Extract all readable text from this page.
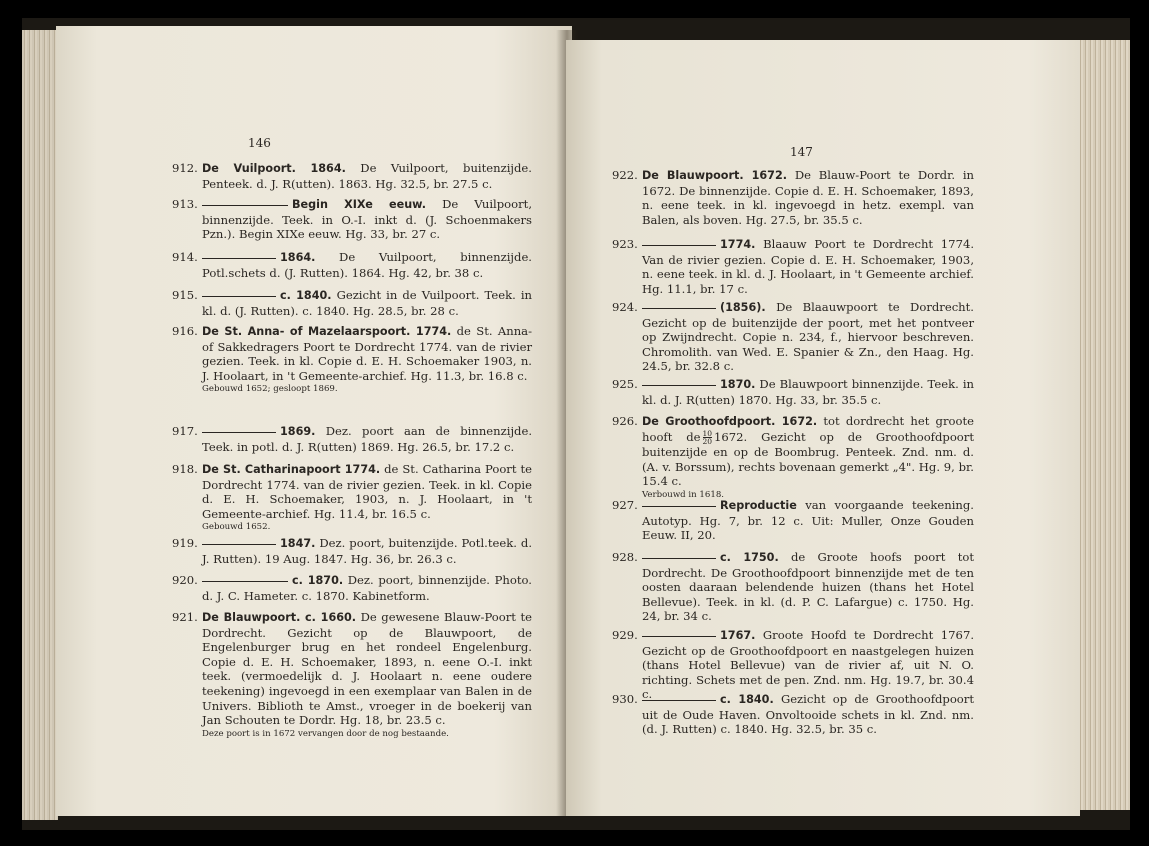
146
912. De Vuilpoort. 1864. De Vuilpoort, buitenzijde. Penteek. d. J. R(utten). 1863. Hg. 32.5, br. 27.5 c.
913.	Begin XIXe eeuw. De Vuilpoort, binnenzijde. Teek. in O.-I. inkt d. (J. Schoenmakers Pzn.). Begin XIXe eeuw. Hg. 33, br. 27 c.
914.	1864. De Vuilpoort, binnenzijde. Potl.schets d. (J. Rutten). 1864. Hg. 42, br. 38 c.
915.	c. 1840. Gezicht in de Vuilpoort. Teek. in kl. d. (J. Rutten). c. 1840. Hg. 28.5, br. 28 c.
916. De St. Anna- of Mazelaarspoort. 1774. de St. Anna- of Sakkedragers Poort te Dordrecht 1774. van de rivier gezien. Teek. in kl. Copie d. E. H. Schoemaker 1903, n. J. Hoolaart, in 't Gemeente-archief. Hg. 11.3, br. 16.8 c.
Gebouwd 1652; gesloopt 1869.
917.	1869. Dez. poort aan de binnenzijde. Teek. in potl. d. J. R(utten) 1869. Hg. 26.5, br. 17.2 c.
918. De St. Catharinapoort 1774. de St. Catharina Poort te Dordrecht 1774. van de rivier gezien. Teek. in kl. Copie d. E. H. Schoemaker, 1903, n. J. Hoolaart, in 't Gemeente-archief. Hg. 11.4, br. 16.5 c.
Gebouwd 1652.
919.	1847. Dez. poort, buitenzijde. Potl.teek. d. J. Rutten). 19 Aug. 1847. Hg. 36, br. 26.3 c.
920.	c. 1870. Dez. poort, binnenzijde. Photo. d. J. C. Hameter. c. 1870. Kabinetform.
921. De Blauwpoort. c. 1660. De gewesene Blauw-Poort te Dordrecht. Gezicht op de Blauwpoort, de Engelenburger brug en het rondeel Engelenburg. Copie d. E. H. Schoemaker, 1893, n. eene O.-I. inkt teek. (vermoedelijk d. J. Hoolaart n. eene oudere teekening) ingevoegd in een exemplaar van Balen in de Univers. Biblioth te Amst., vroeger in de boekerij van Jan Schouten te Dordr. Hg. 18, br. 23.5 c.
Deze poort is in 1672 vervangen door de nog bestaande.
147
922. De Blauwpoort. 1672. De Blauw-Poort te Dordr. in 1672. De binnenzijde. Copie d. E. H. Schoemaker, 1893, n. eene teek. in kl. ingevoegd in hetz. exempl. van Balen, als boven. Hg. 27.5, br. 35.5 c.
923.	1774. Blaauw Poort te Dordrecht 1774. Van de rivier gezien. Copie d. E. H. Schoemaker, 1903, n. eene teek. in kl. d. J. Hoolaart, in 't Gemeente archief. Hg. 11.1, br. 17 c.
924.	(1856). De Blaauwpoort te Dordrecht. Gezicht op de buitenzijde der poort, met het pontveer op Zwijndrecht. Copie n. 234, f., hiervoor beschreven. Chromolith. van Wed. E. Spanier & Zn., den Haag. Hg. 24.5, br. 32.8 c.
925.	1870. De Blauwpoort binnenzijde. Teek. in kl. d. J. R(utten) 1870. Hg. 33, br. 35.5 c.
926. De Groothoofdpoort. 1672. tot dordrecht het groote hooft de $\frac{10}{20} 1672$. Gezicht op de Groothoofdpoort buitenzijde en op de Boombrug. Penteek. Znd. nm. d. (A. v. Borssum), rechts bovenaan gemerkt „4". Hg. 9, br. 15.4 c.
Verbouwd in 1618.
927.	Reproductie van voorgaande teekening. Autotyp. Hg. 7, br. 12 c. Uit: Muller, Onze Gouden Eeuw. II, 20.
928.	c. 1750. de Groote hoofs poort tot Dordrecht. De Groothoofdpoort binnenzijde met de ten oosten daaraan belendende huizen (thans het Hotel Bellevue). Teek. in kl. (d. P. C. Lafargue) c. 1750. Hg. 24, br. 34 c.
929.	1767. Groote Hoofd te Dordrecht 1767. Gezicht op de Groothoofdpoort en naastgelegen huizen (thans Hotel Bellevue) van de rivier af, uit N. O. richting. Schets met de pen. Znd. nm. Hg. 19.7, br. 30.4 c.
930.	c. 1840. Gezicht op de Groothoofdpoort uit de Oude Haven. Onvoltooide schets in kl. Znd. nm. (d. J. Rutten) c. 1840. Hg. 32.5, br. 35 c.
